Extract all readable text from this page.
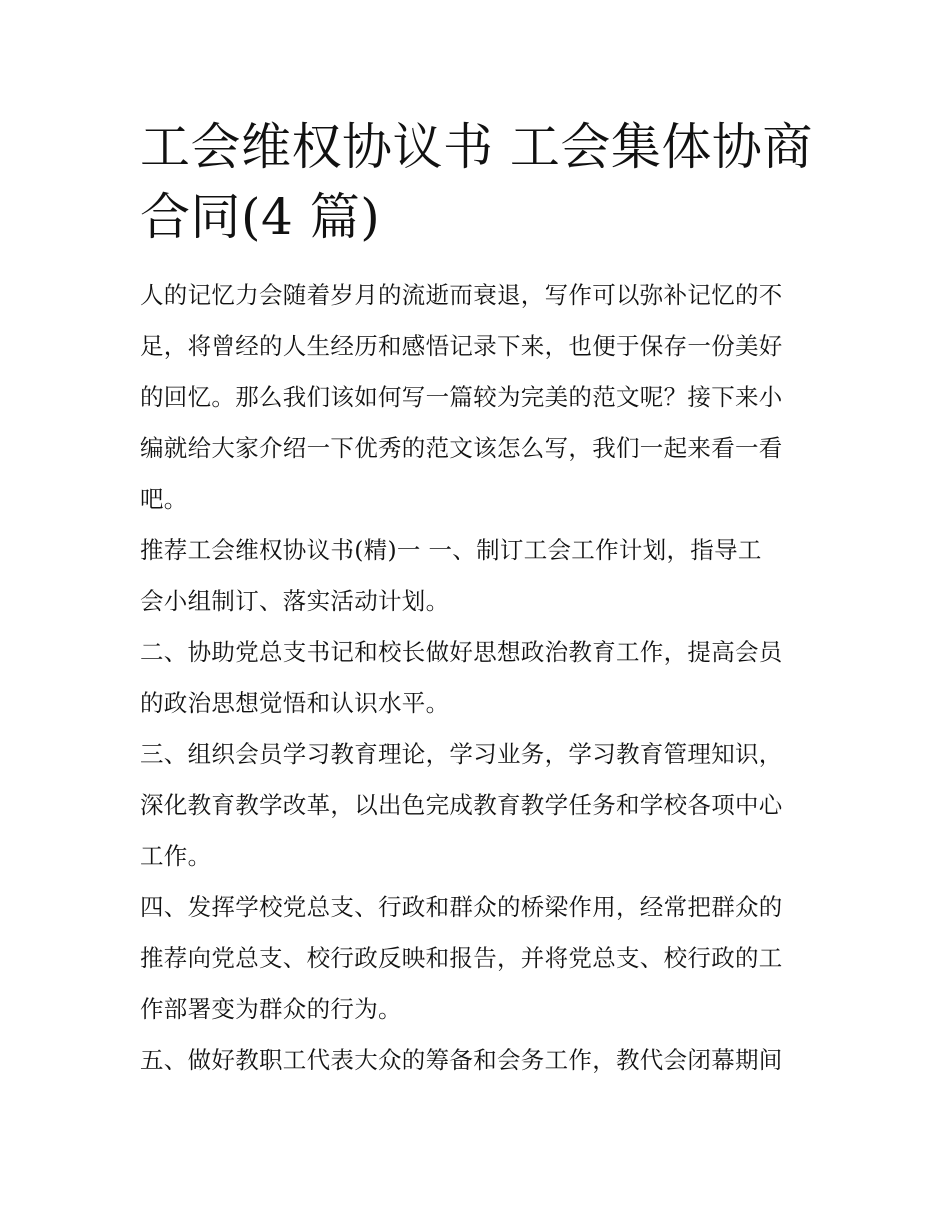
工会维权协议书 工会集体协商
合同(4 篇)

人的记忆力会随着岁月的流逝而衰退，写作可以弥补记忆的不
足，将曾经的人生经历和感悟记录下来，也便于保存一份美好
的回忆。那么我们该如何写一篇较为完美的范文呢？接下来小
编就给大家介绍一下优秀的范文该怎么写，我们一起来看一看
吧。

推荐工会维权协议书(精)一 一、制订工会工作计划，指导工
会小组制订、落实活动计划。

二、协助党总支书记和校长做好思想政治教育工作，提高会员
的政治思想觉悟和认识水平。

三、组织会员学习教育理论，学习业务，学习教育管理知识，
深化教育教学改革，以出色完成教育教学任务和学校各项中心
工作。

四、发挥学校党总支、行政和群众的桥梁作用，经常把群众的
推荐向党总支、校行政反映和报告，并将党总支、校行政的工
作部署变为群众的行为。

五、做好教职工代表大众的筹备和会务工作，教代会闭幕期间
